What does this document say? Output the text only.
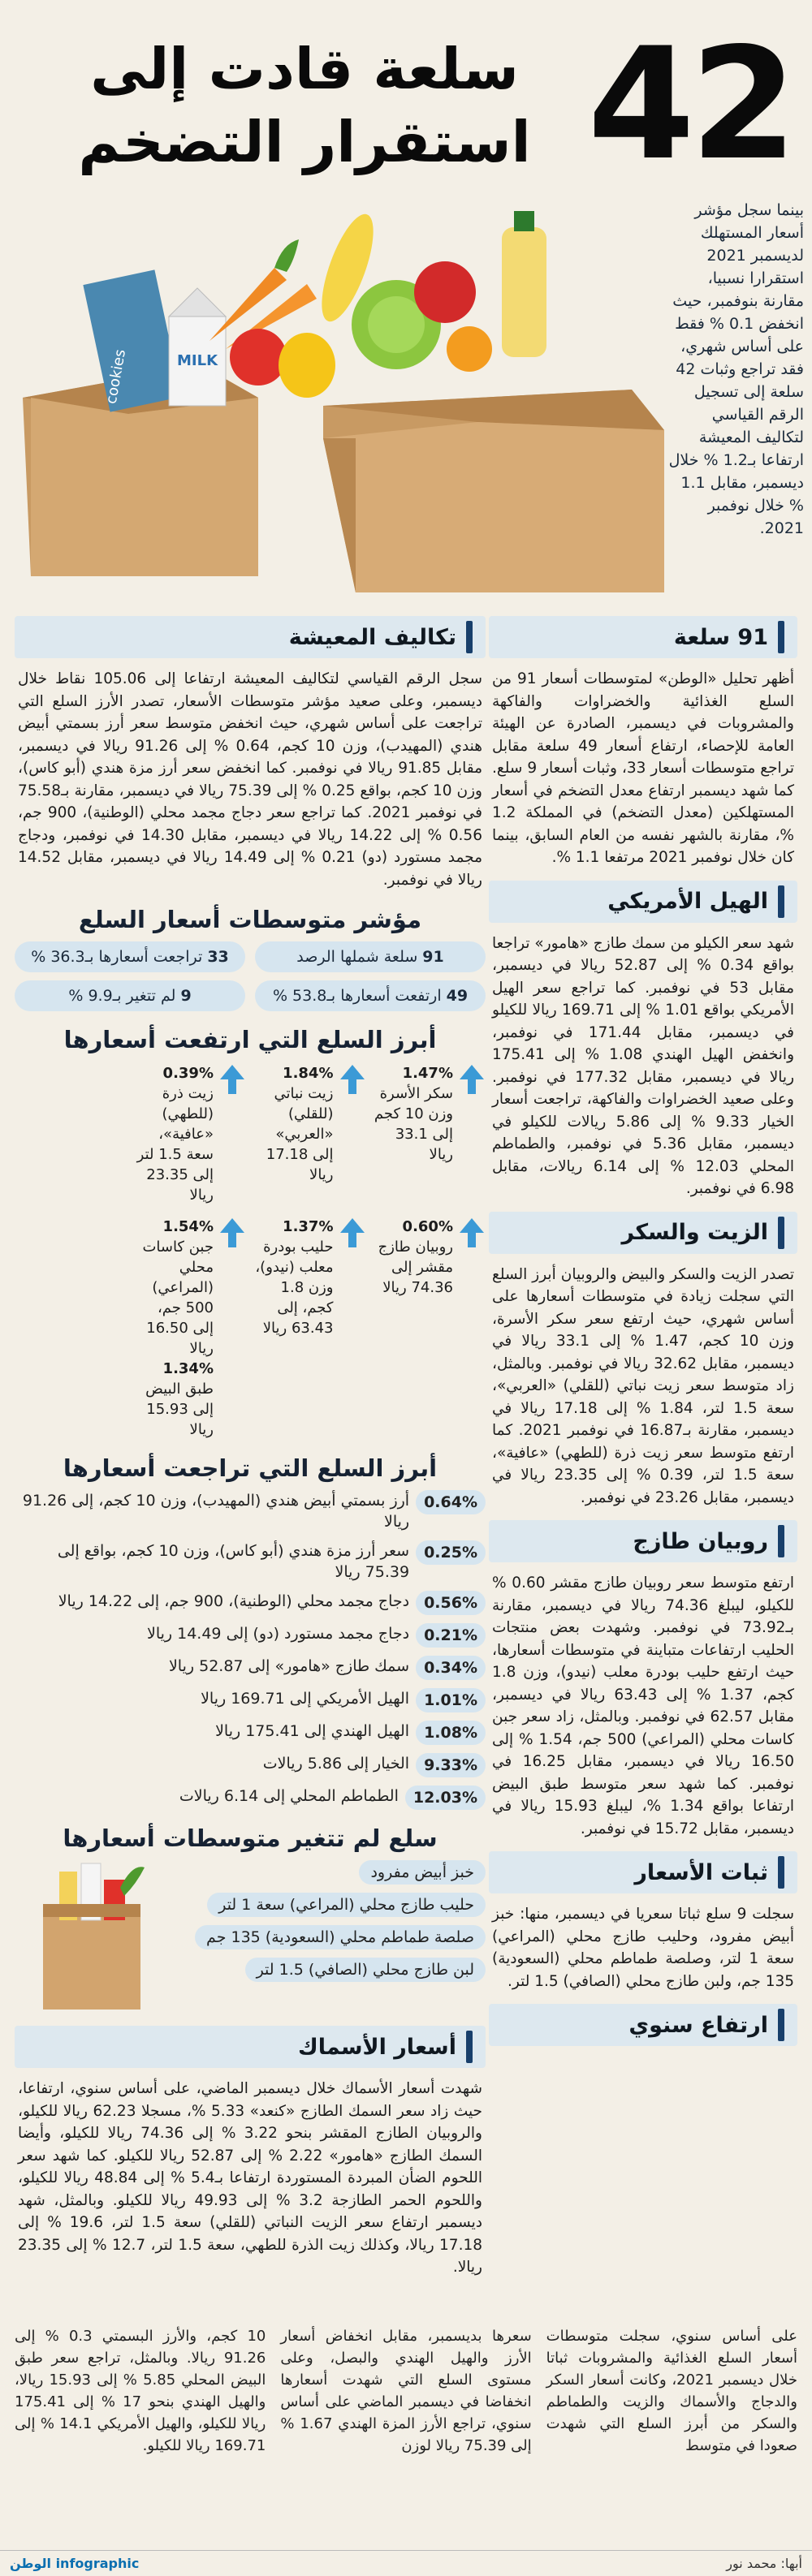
42
سلعة قادت إلى
استقرار التضخم
بينما سجل مؤشر أسعار المستهلك لديسمبر 2021 استقرارا نسبيا، مقارنة بنوفمبر، حيث انخفض 0.1 % فقط على أساس شهري، فقد تراجع وثبات 42 سلعة إلى تسجيل الرقم القياسي لتكاليف المعيشة ارتفاعا بـ1.2 % خلال ديسمبر، مقابل 1.1 % خلال نوفمبر 2021.
cookies	MILK
91 سلعة

أظهر تحليل «الوطن» لمتوسطات أسعار 91 من السلع الغذائية والخضراوات والفاكهة والمشروبات في ديسمبر، الصادرة عن الهيئة العامة للإحصاء، ارتفاع أسعار 49 سلعة مقابل تراجع متوسطات أسعار 33، وثبات أسعار 9 سلع. كما شهد ديسمبر ارتفاع معدل التضخم في أسعار المستهلكين (معدل التضخم) في المملكة 1.2 %، مقارنة بالشهر نفسه من العام السابق، بينما كان خلال نوفمبر 2021 مرتفعا 1.1 %.

الهيل الأمريكي

شهد سعر الكيلو من سمك طازج «هامور» تراجعا بواقع 0.34 % إلى 52.87 ريالا في ديسمبر، مقابل 53 في نوفمبر. كما تراجع سعر الهيل الأمريكي بواقع 1.01 % إلى 169.71 ريالا للكيلو في ديسمبر، مقابل 171.44 في نوفمبر، وانخفض الهيل الهندي 1.08 % إلى 175.41 ريالا في ديسمبر، مقابل 177.32 في نوفمبر. وعلى صعيد الخضراوات والفاكهة، تراجعت أسعار الخيار 9.33 % إلى 5.86 ريالات للكيلو في ديسمبر، مقابل 5.36 في نوفمبر، والطماطم المحلي 12.03 % إلى 6.14 ريالات، مقابل 6.98 في نوفمبر.

الزيت والسكر

تصدر الزيت والسكر والبيض والروبيان أبرز السلع التي سجلت زيادة في متوسطات أسعارها على أساس شهري، حيث ارتفع سعر سكر الأسرة، وزن 10 كجم، 1.47 % إلى 33.1 ريالا في ديسمبر، مقابل 32.62 ريالا في نوفمبر. وبالمثل، زاد متوسط سعر زيت نباتي (للقلي) «العربي»، سعة 1.5 لتر، 1.84 % إلى 17.18 ريالا في ديسمبر، مقارنة بـ16.87 في نوفمبر 2021. كما ارتفع متوسط سعر زيت ذرة (للطهي) «عافية»، سعة 1.5 لتر، 0.39 % إلى 23.35 ريالا في ديسمبر، مقابل 23.26 في نوفمبر.

روبيان طازج

ارتفع متوسط سعر روبيان طازج مقشر 0.60 % للكيلو، ليبلغ 74.36 ريالا في ديسمبر، مقارنة بـ73.92 في نوفمبر. وشهدت بعض منتجات الحليب ارتفاعات متباينة في متوسطات أسعارها، حيث ارتفع حليب بودرة معلب (نيدو)، وزن 1.8 كجم، 1.37 % إلى 63.43 ريالا في ديسمبر، مقابل 62.57 في نوفمبر. وبالمثل، زاد سعر جبن كاسات محلي (المراعي) 500 جم، 1.54 % إلى 16.50 ريالا في ديسمبر، مقابل 16.25 في نوفمبر. كما شهد سعر متوسط طبق البيض ارتفاعا بواقع 1.34 %، ليبلغ 15.93 ريالا في ديسمبر، مقابل 15.72 في نوفمبر.

ثبات الأسعار

سجلت 9 سلع ثباتا سعريا في ديسمبر، منها: خبز أبيض مفرود، وحليب طازج محلي (المراعي) سعة 1 لتر، وصلصة طماطم محلي (السعودية) 135 جم، ولبن طازج محلي (الصافي) 1.5 لتر.

ارتفاع سنوي
تكاليف المعيشة

سجل الرقم القياسي لتكاليف المعيشة ارتفاعا إلى 105.06 نقاط خلال ديسمبر، وعلى صعيد مؤشر متوسطات الأسعار، تصدر الأرز السلع التي تراجعت على أساس شهري، حيث انخفض متوسط سعر أرز بسمتي أبيض هندي (المهيدب)، وزن 10 كجم، 0.64 % إلى 91.26 ريالا في ديسمبر، مقابل 91.85 ريالا في نوفمبر. كما انخفض سعر أرز مزة هندي (أبو كاس)، وزن 10 كجم، بواقع 0.25 % إلى 75.39 ريالا في ديسمبر، مقارنة بـ75.58 في نوفمبر 2021. كما تراجع سعر دجاج مجمد محلي (الوطنية)، 900 جم، 0.56 % إلى 14.22 ريالا في ديسمبر، مقابل 14.30 في نوفمبر، ودجاج مجمد مستورد (دو) 0.21 % إلى 14.49 ريالا في ديسمبر، مقابل 14.52 ريالا في نوفمبر.

مؤشر متوسطات أسعار السلع
91
سلعة شملها الرصد
33
تراجعت أسعارها بـ36.3 %
49
ارتفعت أسعارها بـ53.8 %
9
لم تتغير بـ9.9 %
أبرز السلع التي ارتفعت أسعارها
1.47% سكر الأسرة وزن 10 كجم إلى 33.1 ريالا
1.84% زيت نباتي (للقلي) «العربي» إلى 17.18 ريالا
0.39% زيت ذرة (للطهي) «عافية»، سعة 1.5 لتر إلى 23.35 ريالا
0.60% روبيان طازج مقشر إلى 74.36 ريالا
1.37% حليب بودرة معلب (نيدو)، وزن 1.8 كجم، إلى 63.43 ريالا
1.54% جبن كاسات محلي (المراعي) 500 جم، إلى 16.50 ريالا
1.34% طبق البيض إلى 15.93 ريالا
أبرز السلع التي تراجعت أسعارها
0.64%
أرز بسمتي أبيض هندي (المهيدب)، وزن 10 كجم، إلى 91.26 ريالا
0.25%
سعر أرز مزة هندي (أبو كاس)، وزن 10 كجم، بواقع إلى 75.39 ريالا
0.56%
دجاج مجمد محلي (الوطنية)، 900 جم، إلى 14.22 ريالا
0.21%
دجاج مجمد مستورد (دو) إلى 14.49 ريالا
0.34%
سمك طازج «هامور» إلى 52.87 ريالا
1.01%
الهيل الأمريكي إلى 169.71 ريالا
1.08%
الهيل الهندي إلى 175.41 ريالا
9.33%
الخيار إلى 5.86 ريالات
12.03%
الطماطم المحلي إلى 6.14 ريالات
سلع لم تتغير متوسطات أسعارها
خبز أبيض مفرود
حليب طازج محلي (المراعي) سعة 1 لتر
صلصة طماطم محلي (السعودية) 135 جم
لبن طازج محلي (الصافي) 1.5 لتر
أسعار الأسماك

شهدت أسعار الأسماك خلال ديسمبر الماضي، على أساس سنوي، ارتفاعا، حيث زاد سعر السمك الطازج «كنعد» 5.33 %، مسجلا 62.23 ريالا للكيلو، والروبيان الطازج المقشر بنحو 3.22 % إلى 74.36 ريالا للكيلو، وأيضا السمك الطازج «هامور» 2.22 % إلى 52.87 ريالا للكيلو. كما شهد سعر اللحوم الضأن المبردة المستوردة ارتفاعا بـ5.4 % إلى 48.84 ريالا للكيلو، واللحوم الحمر الطازجة 3.2 % إلى 49.93 ريالا للكيلو. وبالمثل، شهد ديسمبر ارتفاع سعر الزيت النباتي (للقلي) سعة 1.5 لتر، 19.6 % إلى 17.18 ريالا، وكذلك زيت الذرة للطهي، سعة 1.5 لتر، 12.7 % إلى 23.35 ريالا.

على أساس سنوي، سجلت متوسطات أسعار السلع الغذائية والمشروبات ثباتا خلال ديسمبر 2021، وكانت أسعار السكر والدجاج والأسماك والزيت والطماطم والسكر من أبرز السلع التي شهدت صعودا في متوسط

سعرها بديسمبر، مقابل انخفاض أسعار الأرز والهيل الهندي والبصل، وعلى مستوى السلع التي شهدت أسعارها انخفاضا في ديسمبر الماضي على أساس سنوي، تراجع الأرز المزة الهندي 1.67 % إلى 75.39 ريالا لوزن

10 كجم، والأرز البسمتي 0.3 % إلى 91.26 ريالا. وبالمثل، تراجع سعر طبق البيض المحلي 5.85 % إلى 15.93 ريالا، والهيل الهندي بنحو 17 % إلى 175.41 ريالا للكيلو، والهيل الأمريكي 14.1 % إلى 169.71 ريالا للكيلو.

أبها: محمد نور
الوطن infographic
